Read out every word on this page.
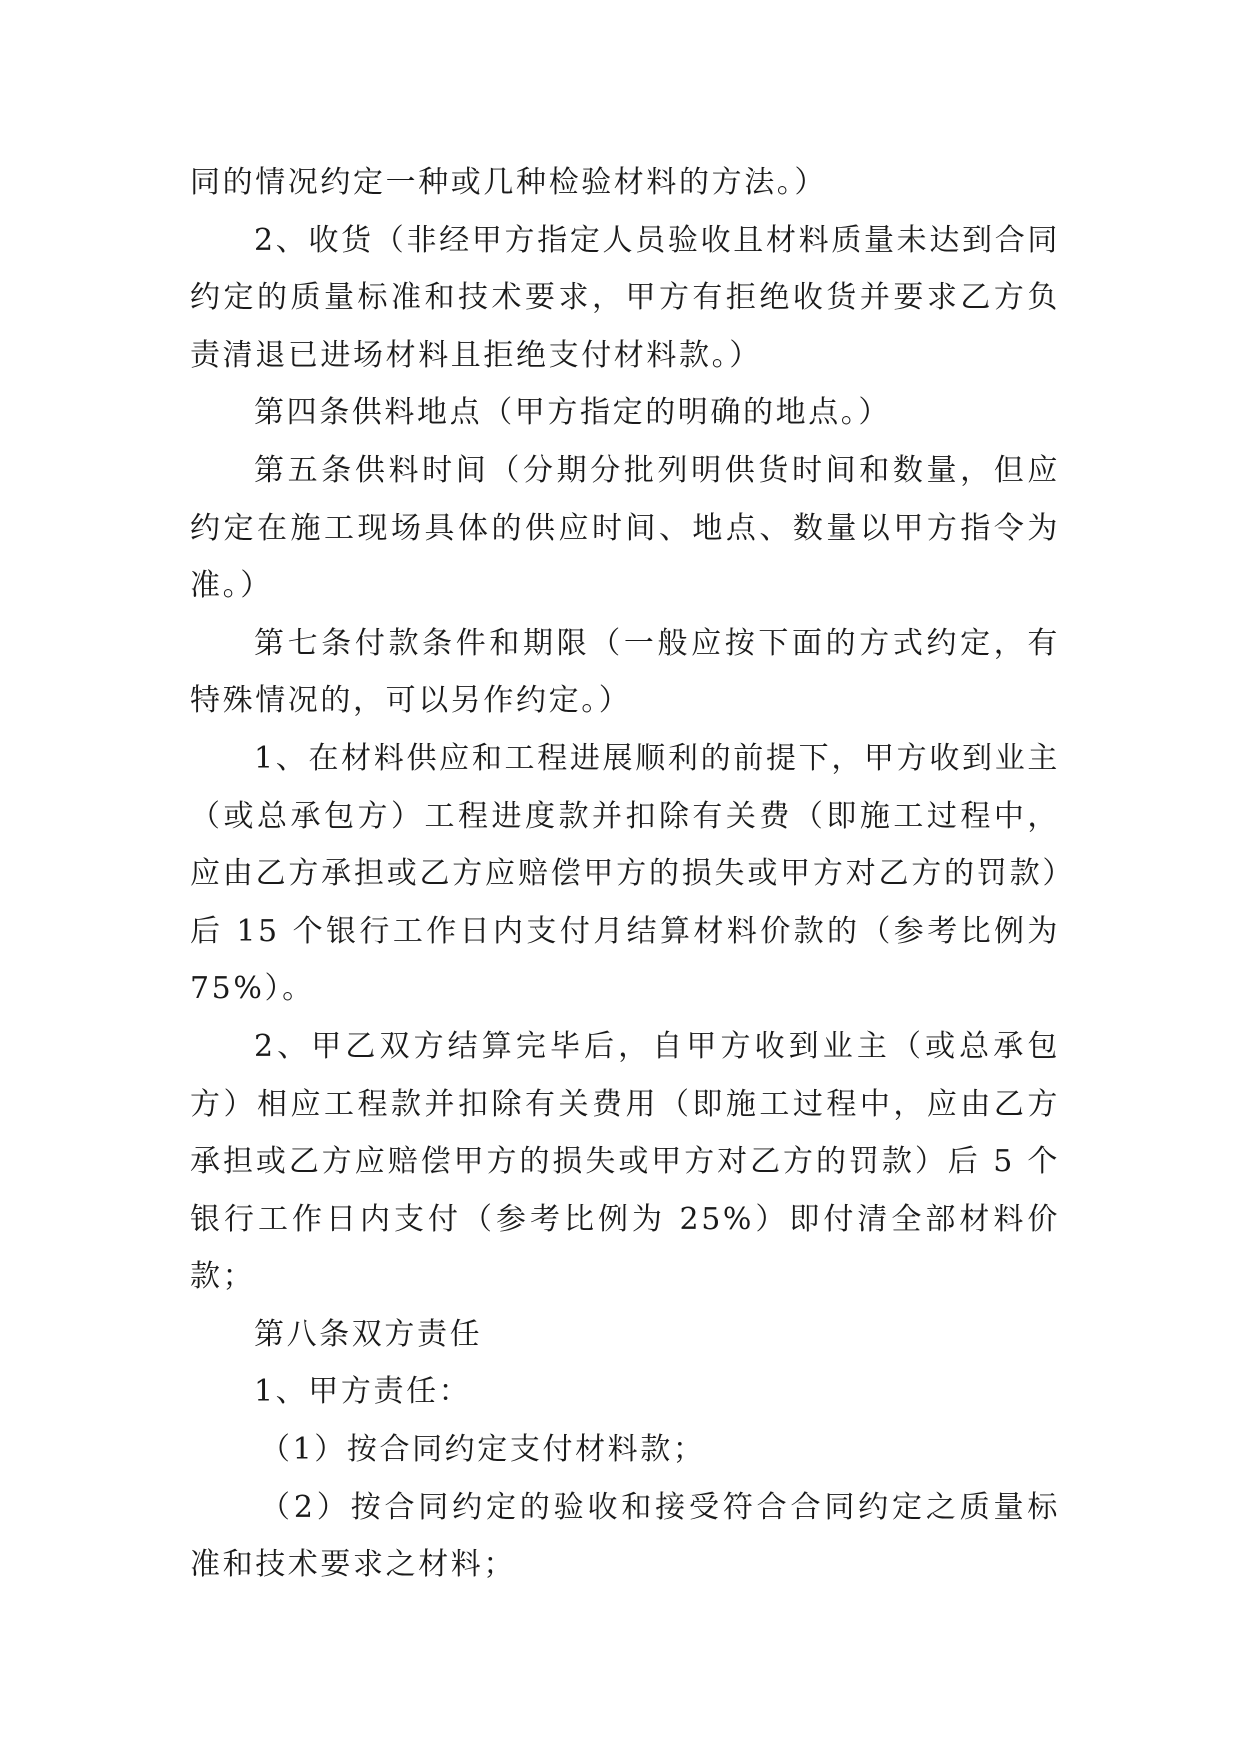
同的情况约定一种或几种检验材料的方法。）

2、收货（非经甲方指定人员验收且材料质量未达到合同约定的质量标准和技术要求，甲方有拒绝收货并要求乙方负责清退已进场材料且拒绝支付材料款。）

第四条供料地点（甲方指定的明确的地点。）

第五条供料时间（分期分批列明供货时间和数量，但应约定在施工现场具体的供应时间、地点、数量以甲方指令为准。）

第七条付款条件和期限（一般应按下面的方式约定，有特殊情况的，可以另作约定。）

1、在材料供应和工程进展顺利的前提下，甲方收到业主（或总承包方）工程进度款并扣除有关费（即施工过程中，应由乙方承担或乙方应赔偿甲方的损失或甲方对乙方的罚款）后 15 个银行工作日内支付月结算材料价款的（参考比例为 75%）。

2、甲乙双方结算完毕后，自甲方收到业主（或总承包方）相应工程款并扣除有关费用（即施工过程中，应由乙方承担或乙方应赔偿甲方的损失或甲方对乙方的罚款）后 5 个银行工作日内支付（参考比例为 25%）即付清全部材料价款；

第八条双方责任

1、甲方责任：

（1）按合同约定支付材料款；

（2）按合同约定的验收和接受符合合同约定之质量标准和技术要求之材料；
